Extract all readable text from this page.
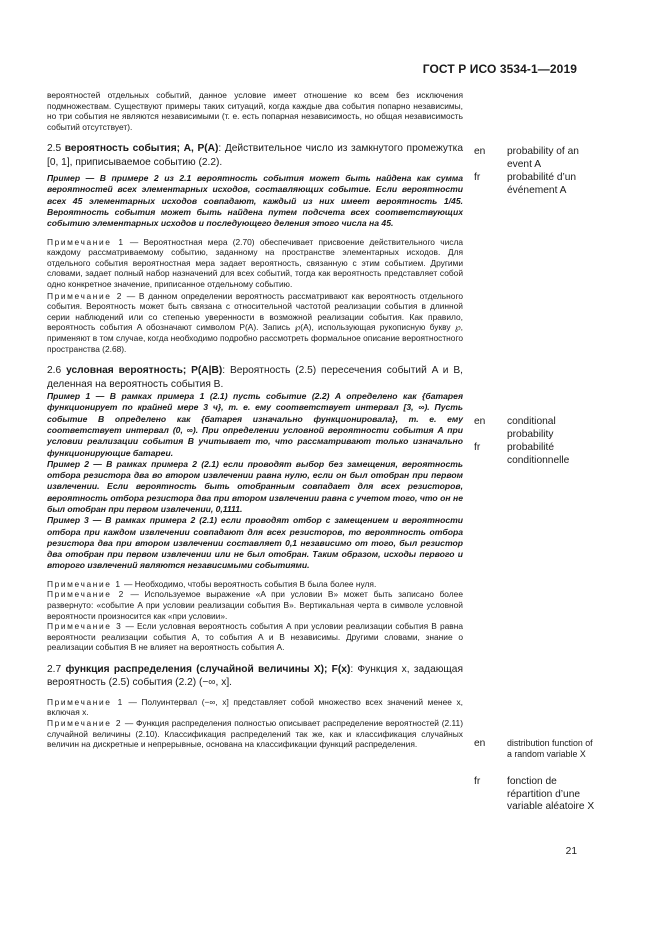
ГОСТ Р ИСО 3534-1—2019

вероятностей отдельных событий, данное условие имеет отношение ко всем без исключения подмножествам. Существуют примеры таких ситуаций, когда каждые два события попарно независимы, но три события не являются независимыми (т. е. есть попарная независимость, но общая независимость событий отсутствует).

2.5 вероятность события; A, P(A): Действительное число из замкнутого промежутка [0, 1], приписываемое событию (2.2).

Пример — В примере 2 из 2.1 вероятность события может быть найдена как сумма вероятностей всех элементарных исходов, составляющих событие. Если вероятности всех 45 элементарных исходов совпадают, каждый из них имеет вероятность 1/45. Вероятность события может быть найдена путем подсчета всех соответствующих событию элементарных исходов и последующего деления этого числа на 45.

Примечание 1 — Вероятностная мера (2.70) обеспечивает присвоение действительного числа каждому рассматриваемому событию, заданному на пространстве элементарных исходов. Для отдельного события вероятностная мера задает вероятность, связанную с этим событием. Другими словами, задает полный набор назначений для всех событий, тогда как вероятность представляет собой одно конкретное значение, приписанное отдельному событию.

Примечание 2 — В данном определении вероятность рассматривают как вероятность отдельного события. Вероятность может быть связана с относительной частотой реализации события в длинной серии наблюдений или со степенью уверенности в возможной реализации события. Как правило, вероятность события A обозначают символом P(A). Запись ℘(A), использующая рукописную букву ℘, применяют в том случае, когда необходимо подробно рассмотреть формальное описание вероятностного пространства (2.68).

2.6 условная вероятность; P(A|B): Вероятность (2.5) пересечения событий A и B, деленная на вероятность события B.

Пример 1 — В рамках примера 1 (2.1) пусть событие (2.2) A определено как {батарея функционирует по крайней мере 3 ч}, т. е. ему соответствует интервал [3, ∞). Пусть событие B определено как {батарея изначально функционировала}, т. е. ему соответствует интервал (0, ∞). При определении условной вероятности события A при условии реализации события B учитывает то, что рассматривают только изначально функционирующие батареи.

Пример 2 — В рамках примера 2 (2.1) если проводят выбор без замещения, вероятность отбора резистора два во втором извлечении равна нулю, если он был отобран при первом извлечении. Если вероятность быть отобранным совпадает для всех резисторов, вероятность отбора резистора два при втором извлечении равна с учетом того, что он не был отобран при первом извлечении, 0,1111.

Пример 3 — В рамках примера 2 (2.1) если проводят отбор с замещением и вероятности отбора при каждом извлечении совпадают для всех резисторов, то вероятность отбора резистора два при втором извлечении составляет 0,1 независимо от того, был резистор два отобран при первом извлечении или не был отобран. Таким образом, исходы первого и второго извлечений являются независимыми событиями.

Примечание 1 — Необходимо, чтобы вероятность события B была более нуля.

Примечание 2 — Используемое выражение «A при условии B» может быть записано более развернуто: «событие A при условии реализации события B». Вертикальная черта в символе условной вероятности произносится как «при условии».

Примечание 3 — Если условная вероятность события A при условии реализации события B равна вероятности реализации события A, то события A и B независимы. Другими словами, знание о реализации события B не влияет на вероятность события A.

2.7 функция распределения (случайной величины X); F(x): Функция x, задающая вероятность (2.5) события (2.2) (−∞, x].

Примечание 1 — Полуинтервал (−∞, x] представляет собой множество всех значений менее x, включая x.

Примечание 2 — Функция распределения полностью описывает распределение вероятностей (2.11) случайной величины (2.10). Классификация распределений так же, как и классификация случайных величин на дискретные и непрерывные, основана на классификации функций распределения.

en probability of an event A
fr	probabilité d’un événement A
en conditional probability
fr	probabilité conditionnelle
en distribution function of a random variable X
fr	fonction de répartition d’une variable aléatoire X
21
